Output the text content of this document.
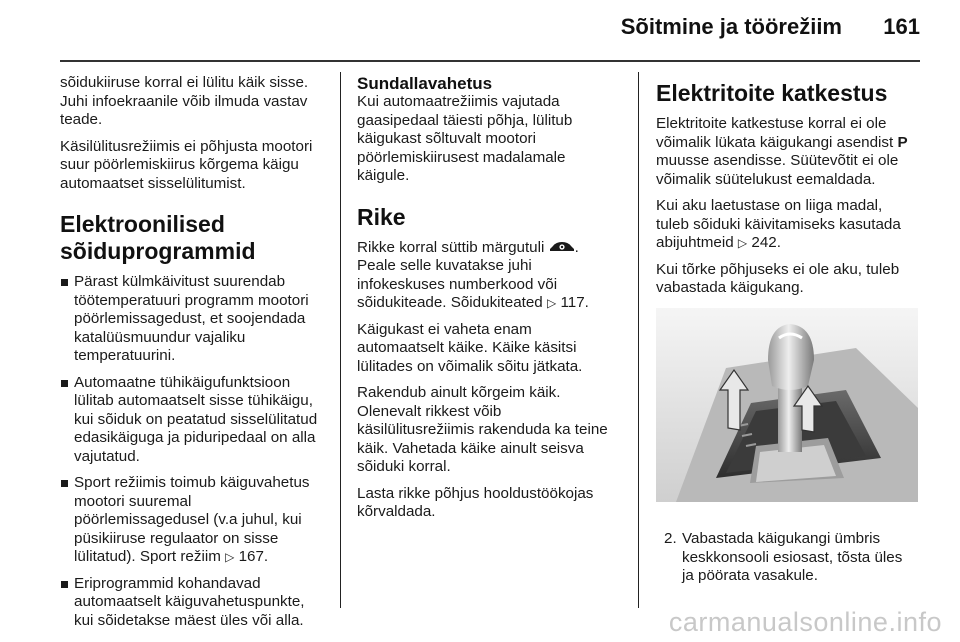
Sõitmine ja töörežiim 161

sõidukiiruse korral ei lülitu käik sisse. Juhi infoekraanile võib ilmuda vastav teade.

Käsilülitusrežiimis ei põhjusta mootori suur pöörlemiskiirus kõrgema käigu automaatset sisselülitumist.

Elektroonilised sõiduprogrammid
Pärast külmkäivitust suurendab töötemperatuuri programm mootori pöörlemissagedust, et soojendada katalüüsmuundur vajaliku temperatuurini.
Automaatne tühikäigufunktsioon lülitab automaatselt sisse tühikäigu, kui sõiduk on peatatud sisselülitatud edasikäiguga ja piduripedaal on alla vajutatud.
Sport režiimis toimub käiguvahetus mootori suuremal pöörlemissagedusel (v.a juhul, kui püsikiiruse regulaator on sisse lülitatud). Sport režiim ▷ 167.
Eriprogrammid kohandavad automaatselt käiguvahetuspunkte, kui sõidetakse mäest üles või alla.
Sundallavahetus

Kui automaatrežiimis vajutada gaasipedaal täiesti põhja, lülitub käigukast sõltuvalt mootori pöörlemiskiirusest madalamale käigule.

Rike

Rikke korral süttib märgutuli . Peale selle kuvatakse juhi infokeskuses numberkood või sõidukiteade. Sõidukiteated ▷ 117.

Käigukast ei vaheta enam automaatselt käike. Käike käsitsi lülitades on võimalik sõitu jätkata.

Rakendub ainult kõrgeim käik. Olenevalt rikkest võib käsilülitusrežiimis rakenduda ka teine käik. Vahetada käike ainult seisva sõiduki korral.

Lasta rikke põhjus hooldustöökojas kõrvaldada.

Elektritoite katkestus

Elektritoite katkestuse korral ei ole võimalik lükata käigukangi asendist P muusse asendisse. Süütevõtit ei ole võimalik süütelukust eemaldada.

Kui aku laetustase on liiga madal, tuleb sõiduki käivitamiseks kasutada abijuhtmeid ▷ 242.

Kui tõrke põhjuseks ei ole aku, tuleb vabastada käigukang.

2. Vabastada käigukangi ümbris keskkonsooli esiosast, tõsta üles ja pöörata vasakule.
carmanualsonline.info
